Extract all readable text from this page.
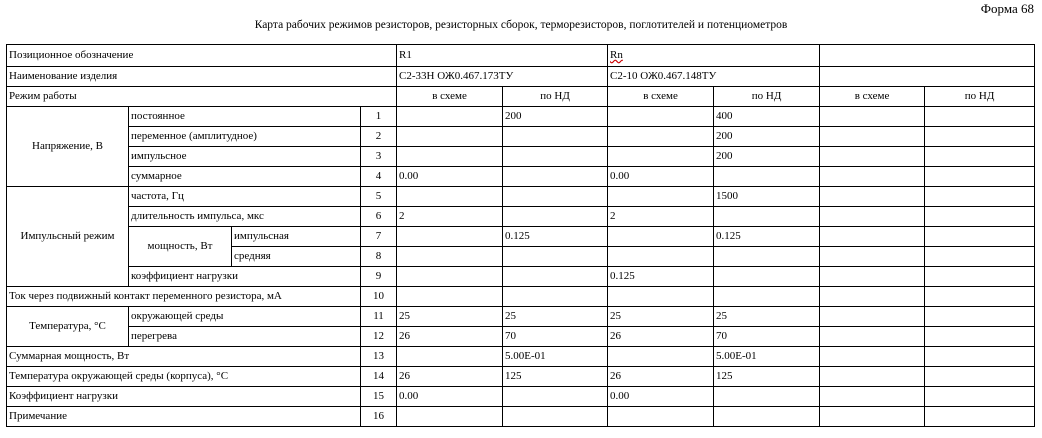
Форма 68
Карта рабочих режимов резисторов, резисторных сборок, терморезисторов, поглотителей и потенциометров
Позиционное обозначение				R1		Rn			
Наименование изделия				С2-33Н ОЖ0.467.173ТУ		С2-10 ОЖ0.467.148ТУ			
Режим работы				в схеме	по НД	в схеме	по НД	в схеме	по НД
Напряжение, В	постоянное		1		200		400		
	переменное (амплитудное)		2				200		
	импульсное		3				200		
	суммарное		4	0.00		0.00			
Импульсный режим	частота, Гц		5				1500		
	длительность импульса, мкс		6	2		2			
	мощность, Вт	импульсная	7		0.125		0.125		
		средняя	8						
	коэффициент нагрузки		9			0.125			
Ток через подвижный контакт переменного резистора, мА			10						
Температура, °С	окружающей среды		11	25	25	25	25		
	перегрева		12	26	70	26	70		
Суммарная мощность, Вт			13		5.00E-01		5.00E-01		
Температура окружающей среды (корпуса), °С			14	26	125	26	125		
Коэффициент нагрузки			15	0.00		0.00			
Примечание			16						
